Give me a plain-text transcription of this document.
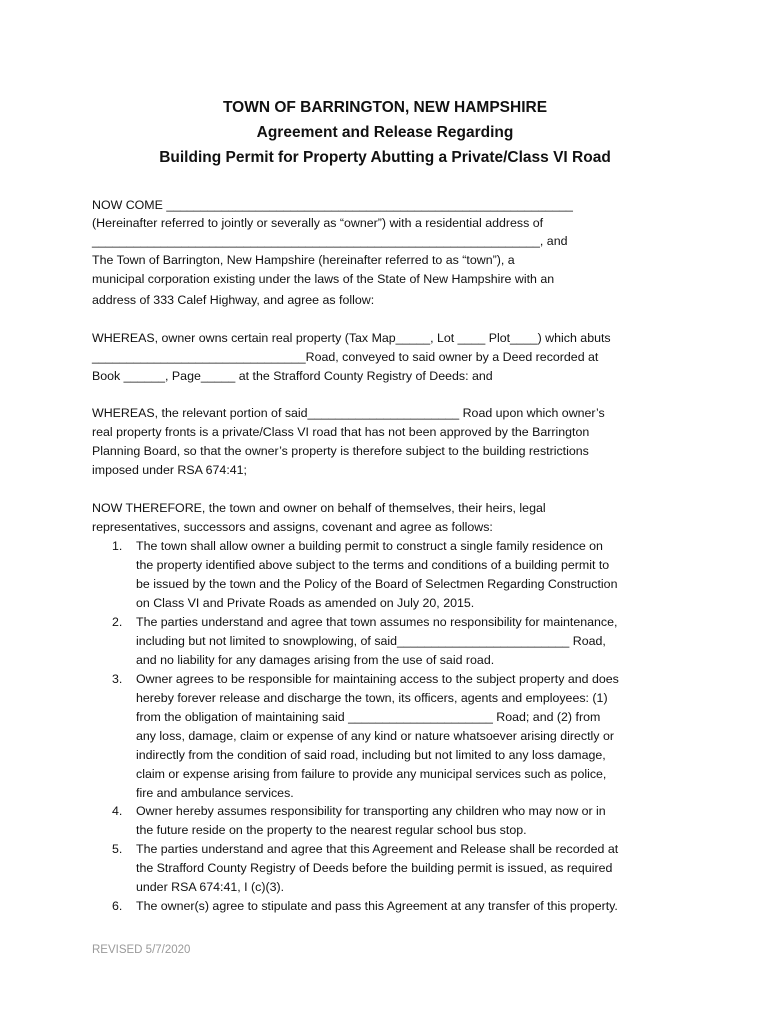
TOWN OF BARRINGTON, NEW HAMPSHIRE
Agreement and Release Regarding
Building Permit for Property Abutting a Private/Class VI Road
NOW COME ___________________________________________________________
(Hereinafter referred to jointly or severally as “owner”) with a residential address of
_________________________________________________________________, and
The Town of Barrington, New Hampshire (hereinafter referred to as “town”), a
municipal corporation existing under the laws of the State of New Hampshire with an
address of 333 Calef Highway, and agree as follow:
WHEREAS, owner owns certain real property (Tax Map_____, Lot ____ Plot____) which abuts
_______________________________Road, conveyed to said owner by a Deed recorded at
Book ______, Page_____ at the Strafford County Registry of Deeds: and
WHEREAS, the relevant portion of said______________________ Road upon which owner’s
real property fronts is a private/Class VI road that has not been approved by the Barrington
Planning Board, so that the owner’s property is therefore subject to the building restrictions
imposed under RSA 674:41;
NOW THEREFORE, the town and owner on behalf of themselves, their heirs, legal
representatives, successors and assigns, covenant and agree as follows:
1. The town shall allow owner a building permit to construct a single family residence on
the property identified above subject to the terms and conditions of a building permit to
be issued by the town and the Policy of the Board of Selectmen Regarding Construction
on Class VI and Private Roads as amended on July 20, 2015.
2. The parties understand and agree that town assumes no responsibility for maintenance,
including but not limited to snowplowing, of said_________________________ Road,
and no liability for any damages arising from the use of said road.
3. Owner agrees to be responsible for maintaining access to the subject property and does
hereby forever release and discharge the town, its officers, agents and employees: (1)
from the obligation of maintaining said _____________________ Road; and (2) from
any loss, damage, claim or expense of any kind or nature whatsoever arising directly or
indirectly from the condition of said road, including but not limited to any loss damage,
claim or expense arising from failure to provide any municipal services such as police,
fire and ambulance services.
4. Owner hereby assumes responsibility for transporting any children who may now or in
the future reside on the property to the nearest regular school bus stop.
5. The parties understand and agree that this Agreement and Release shall be recorded at
the Strafford County Registry of Deeds before the building permit is issued, as required
under RSA 674:41, I (c)(3).
6. The owner(s) agree to stipulate and pass this Agreement at any transfer of this property.
REVISED 5/7/2020
